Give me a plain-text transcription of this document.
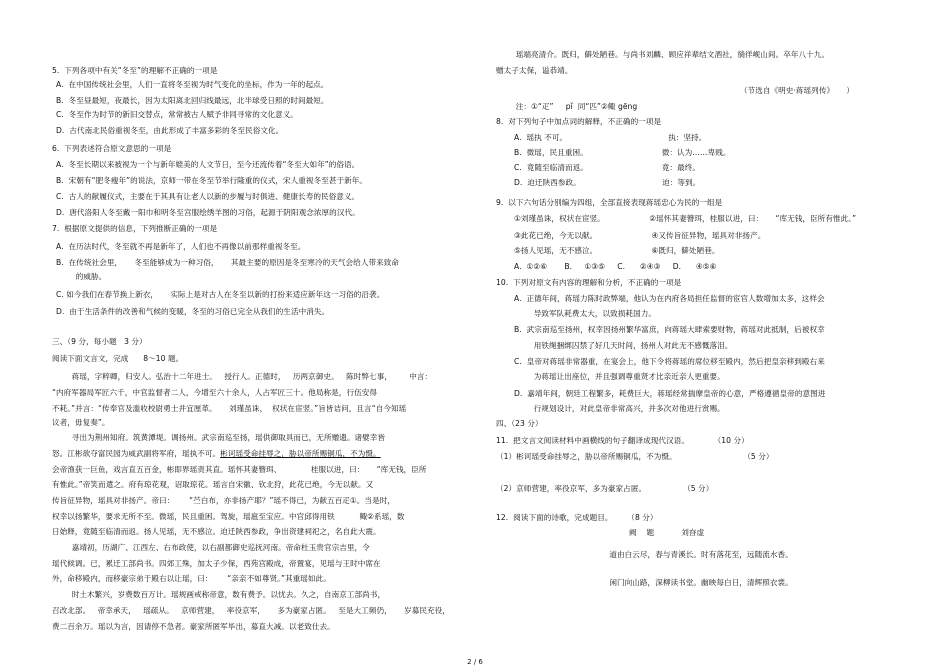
5.  下列各项中有关“冬至”的理解不正确的一项是
A.  在中国传统社会里，人们一直将冬至视为时气变化的坐标，作为一年的起点。
B.  冬至昼最短，夜最长，因为太阳离北回归线最远，北半球受日照的时间最短。
C.  冬至作为时节的新旧交替点，常常被古人赋予非同寻常的文化意义。
D.  古代南北民俗重视冬至，由此形成了丰富多彩的冬至民俗文化。
6.  下列表述符合原文意思的一项是
A.  冬至长期以来被视为一个与新年媲美的人文节日，至今还流传着“冬至大如年”的俗语。
B.  宋朝有“肥冬瘦年”的说法，京师一带在冬至节举行隆重的仪式，宋人重视冬至甚于新年。
C.  古人的献履仪式，主要在于其具有让老人以新的步履与时俱进、健康长寿的民俗意义。
D.  唐代洛阳人冬至戴一阳巾和明冬至宫服绘绣羊图的习俗，起源于阴阳观念浓厚的汉代。
7.  根据原文提供的信息，下列推断正确的一项是
A.  在历法时代，冬至就不再是新年了，人们也不再像以前那样重视冬至。
B.  在传统社会里，     冬至能够成为一种习俗，     其最主要的原因是冬至寒冷的天气会给人带来致命
的威胁。
C. 如今我们在春节换上新衣，     实际上是对古人在冬至以新的打扮来适应新年这一习俗的沿袭。
D.  由于生活条件的改善和气候的变暖，冬至的习俗已完全从我们的生活中消失。
三、（9 分，每小题   3 分）
阅读下面文言文，完成      8～10 题。
蒋瑶，字粹卿，归安人。弘治十二年进士。   授行人。正德时，   历两京御史。   陈时弊七事，       中言：
“内府军器局军匠六千，中官监督者二人，今增至六十余人，人占军匠三十。他局称是，行伍安得
不耗。”并言：“传奉官及滥收校尉勇士并宜厘革。     刘瑾虽诛，  权状在宦竖。”旨皆诘问，且言“自今知瑶
议者，毋复奏”。
寻出为荆州知府。筑黄潭堤。调扬州。武宗南巡至扬，瑶供御取具而已，无所赠遗。诸嬖幸皆
怒。江彬欲夺富民园为威武副将军府，瑶执不可。彬诃瑶受命挂辱之，胁以帝所赐铜瓜，不为慑。
会帝渔获一巨鱼，戏言直五百金，彬即界瑶责其直。瑶怀其妻簪珥、            桂服以进，曰：     “库无钱，臣所
有惟此。”帝笑而遣之。府有琼花观，诏取琼花。瑶言自宋徽、钦北狩，此花已绝，今无以献。又
传旨征异物，瑶具对非扬产。帝曰：      “苎白布，亦非扬产耶？”瑶不得已，为献五百疋①。当是时，
权幸以扬繁华，要求无所不至。微瑶，民且重困。驾旋，瑶扈至宝应。中官邱得用铁          鲰②系瑶，数
日始释，竟随至临清而返。扬人见瑶，无不感泣。迫迁陕西参政，争出资建祠祀之，名自此大震。
嘉靖初，历湖广、江西左、右布政使，以右副都御史巡抚河南。帝命杜玉贵官宗吉里，令
瑶代候调。已，累迁工部尚书。四郊工殊，加太子少保，西苑宫殿成，帝置宴，见瑶与王时中席在
外，命移殿内，而移豪宗弟于殿右以让瑶，曰：      “亲亲不如尊贤。”其重瑶如此。
时土木繁兴，岁费数百万计。瑶规画戒称帝意，数有费予。以忧去。久之，自南京工部尚书，
召改北部。   帝幸承天，   瑶疏从。   京师营建，   率役京军，     多为豪家占匿。   至是大工频仍，     岁募民充役，
费二百余万。瑶以为言，因请停不急者。豪家所匿军毕出，募直大减。以老致仕去。
瑶端亮清介。既归，僻处陋巷。与尚书刘麟、顾应祥辈结文酒社，徜徉岘山间。卒年八十九。
赠太子太保，谥恭靖。
（节选自《明史·蒋瑶列传》     ）
注：①“疋”     pǐ  同“匹”②鲰 gēng
8.  对下列句子中加点词的解释，不正确的一项是
A.  瑶执 不可。                                         执：坚持。
B.  微瑶，民且重困。                              微：认为……卑贱。
C.  竟随至临清而返。                              竟：最终。
D.  迫迁陕西参政。                                 迫：等到。
9.  以下六句话分别编为四组，全部直接表现蒋瑶忠心为民的一组是
①刘瑾虽诛，权状在宦竖。                  ②瑶怀其妻簪珥，桂服以进，曰：     “库无钱，臣所有惟此。”
③此花已绝，今无以献。                      ④又传旨征异物，瑶具对非扬产。
⑤扬人见瑶，无不感泣。                      ⑥既归，僻处陋巷。
A.  ①②⑥       B.     ①③⑤     C.      ②④③     D.      ④⑤⑥
10.  下列对原文有内容的理解和分析，不正确的一项是
A.  正德年间，蒋瑶力陈时政弊端，他认为在内府各局担任监督的宦官人数增加太多，这样会
导致军队耗费太大，以致损耗国力。
B.  武宗南巡至扬州，权幸因扬州繁华富庶，向蒋瑶大肆索要财物，蒋瑶对此抵制，后被权幸
用铁绳捆绑囚禁了好几天时间，扬州人对此无不感慨落泪。
C.  皇帝对蒋瑶非常器重，在宴会上，他下令将蒋瑶的席位移至殿内，然后把皇亲移到殿右来
为蒋瑶让出座位，并且强调尊重贤才比亲近亲人更重要。
D.  嘉靖年间，朝廷工程繁多，耗费巨大，蒋瑶经常揣摩皇帝的心意，严格遵循皇帝的意图进
行规划设计，对此皇帝非常高兴，并多次对他进行赏赐。
四、（23 分）
11.  把文言文阅读材料中画横线的句子翻译成现代汉语。          （10 分）
（1）彬诃瑶受命挂辱之，胁以帝所赐铜瓜，不为慑。                           （5 分）
（2）京师营建，率役京军，多为豪家占匿。               （5 分）
12.  阅读下面的诗歌，完成题目。      （8 分）
阙    题           刘昚虚
道由白云尽，春与青溪长。时有落花至，远随流水香。
闲门向山路，深柳读书堂。幽映每白日，清辉照衣裳。
2 / 6
